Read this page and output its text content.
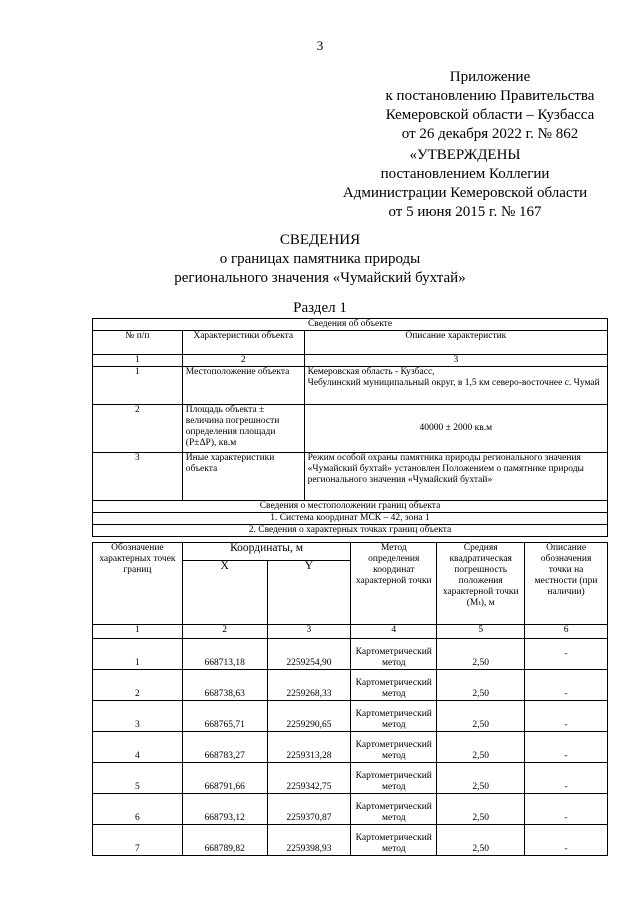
3
Приложение
к постановлению Правительства
Кемеровской области – Кузбасса
от 26 декабря 2022 г. № 862
«УТВЕРЖДЕНЫ
постановлением Коллегии
Администрации Кемеровской области
от 5 июня 2015 г. № 167
СВЕДЕНИЯ
о границах памятника природы
регионального значения «Чумайский бухтай»
Раздел 1
Сведения об объекте		
№ п/п	Характеристики объекта	Описание характеристик
1	2	3
1	Местоположение объекта	Кемеровская область - Кузбасс,
Чебулинский муниципальный округ, в 1,5 км северо-восточнее с. Чумай
2	Площадь объекта ± величина погрешности определения площади (P±ΔP), кв.м	40000 ± 2000 кв.м
3	Иные характеристики объекта	Режим особой охраны памятника природы регионального значения «Чумайский бухтай» установлен Положением о памятнике природы регионального значения «Чумайский бухтай»
Сведения о местоположении границ объекта		
1. Система координат МСК – 42, зона 1		
2. Сведения о характерных точках границ объекта		
Обозначение характерных точек границ	Координаты, м		Метод определения координат характерной точки	Средняя квадратическая погрешность положения характерной точки (Mₜ), м	Описание обозначения точки на местности (при наличии)
	X	Y			
1	2	3	4	5	6
1	668713,18	2259254,90	Картометрический метод	2,50	-
2	668738,63	2259268,33	Картометрический метод	2,50	-
3	668765,71	2259290,65	Картометрический метод	2,50	-
4	668783,27	2259313,28	Картометрический метод	2,50	-
5	668791,66	2259342,75	Картометрический метод	2,50	-
6	668793,12	2259370,87	Картометрический метод	2,50	-
7	668789,82	2259398,93	Картометрический метод	2,50	-
